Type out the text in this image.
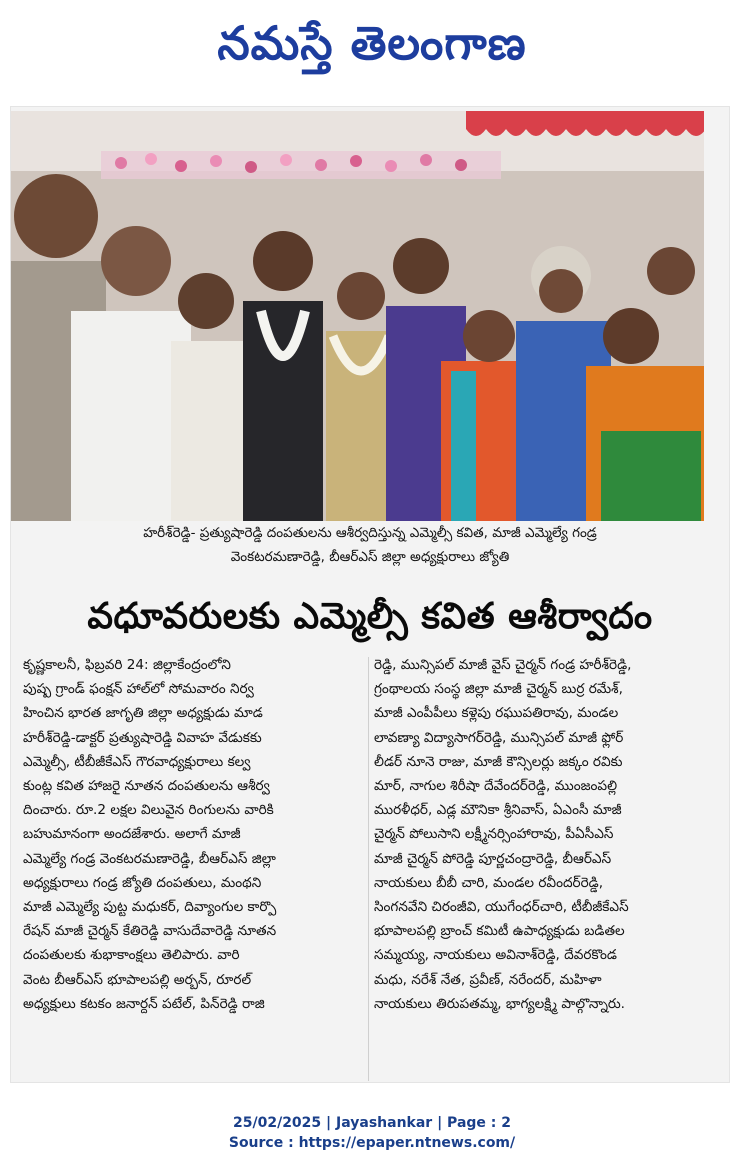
నమస్తే తెలంగాణ
హరీశ్‌రెడ్డి- ప్రత్యుషారెడ్డి దంపతులను ఆశీర్వదిస్తున్న ఎమ్మెల్సీ కవిత, మాజీ ఎమ్మెల్యే గండ్ర
వెంకటరమణారెడ్డి, బీఆర్‌ఎస్ జిల్లా అధ్యక్షురాలు జ్యోతి
వధూవరులకు ఎమ్మెల్సీ కవిత ఆశీర్వాదం
కృష్ణకాలనీ, ఫిబ్రవరి 24: జిల్లాకేంద్రంలోని
పుష్ప గ్రాండ్ ఫంక్షన్ హాల్‌లో సోమవారం నిర్వ
హించిన భారత జాగృతి జిల్లా అధ్యక్షుడు మాడ
హరీశ్‌రెడ్డి-డాక్టర్ ప్రత్యుషారెడ్డి వివాహ వేడుకకు
ఎమ్మెల్సీ, టీబీజీకేఎస్ గౌరవాధ్యక్షురాలు కల్వ
కుంట్ల కవిత హాజరై నూతన దంపతులను ఆశీర్వ
దించారు. రూ.2 లక్షల విలువైన రింగులను వారికి
బహుమానంగా అందజేశారు. అలాగే మాజీ
ఎమ్మెల్యే గండ్ర వెంకటరమణారెడ్డి, బీఆర్‌ఎస్ జిల్లా
అధ్యక్షురాలు గండ్ర జ్యోతి దంపతులు, మంథని
మాజీ ఎమ్మెల్యే పుట్ట మధుకర్, దివ్యాంగుల కార్పొ
రేషన్ మాజీ చైర్మన్ కేతిరెడ్డి వాసుదేవారెడ్డి నూతన
దంపతులకు శుభాకాంక్షలు తెలిపారు. వారి
వెంట బీఆర్‌ఎస్ భూపాలపల్లి అర్బన్, రూరల్
అధ్యక్షులు కటకం జనార్దన్ పటేల్, పిన్‌రెడ్డి రాజి
రెడ్డి, మున్సిపల్ మాజీ వైస్ చైర్మన్ గండ్ర హరీశ్‌రెడ్డి,
గ్రంథాలయ సంస్థ జిల్లా మాజీ చైర్మన్ బుర్ర రమేశ్,
మాజీ ఎంపీపీలు కళ్లెపు రఘుపతిరావు, మండల
లావణ్యా విద్యాసాగర్‌రెడ్డి, మున్సిపల్ మాజీ ఫ్లోర్
లీడర్ నూనె రాజు, మాజీ కౌన్సిలర్లు జక్కం రవికు
మార్, నాగుల శిరీషా దేవేందర్‌రెడ్డి, ముంజంపల్లి
మురళీధర్, ఎడ్ల మౌనికా శ్రీనివాస్, ఏఎంసీ మాజీ
చైర్మన్ పోలుసాని లక్ష్మీనర్సింహారావు, పీఏసీఎస్
మాజీ చైర్మన్ పోరెడ్డి పూర్ణచంద్రారెడ్డి, బీఆర్‌ఎస్
నాయకులు బీబీ చారి, మండల రవీందర్‌రెడ్డి,
సింగనవేని చిరంజీవి, యుగేంధర్‌చారి, టీబీజీకేఎస్
భూపాలపల్లి బ్రాంచ్ కమిటీ ఉపాధ్యక్షుడు బడితల
సమ్మయ్య, నాయకులు అవినాశ్‌రెడ్డి, దేవరకొండ
మధు, నరేశ్ నేత, ప్రవీణ్, నరేందర్, మహిళా
నాయకులు తిరుపతమ్మ, భాగ్యలక్ష్మి పాల్గొన్నారు.
25/02/2025 | Jayashankar | Page : 2
Source : https://epaper.ntnews.com/
